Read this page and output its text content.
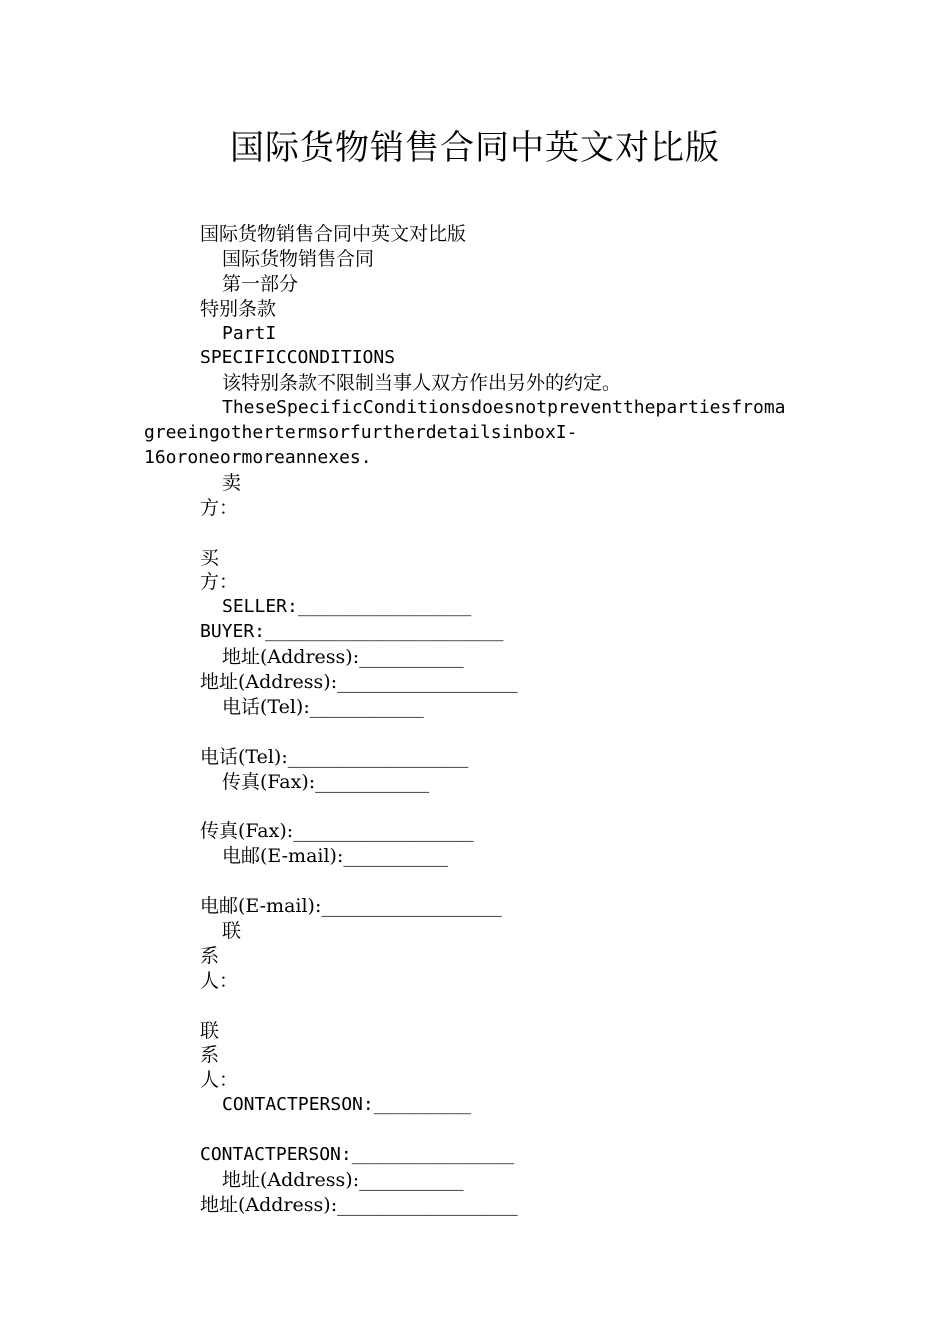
国际货物销售合同中英文对比版
国际货物销售合同中英文对比版
国际货物销售合同
第一部分
特别条款
PartI
SPECIFICCONDITIONS
该特别条款不限制当事人双方作出另外的约定。
TheseSpecificConditionsdoesnotpreventthepartiesfroma
greeingothertermsorfurtherdetailsinboxI-
16oroneormoreannexes.
卖
方：
买
方：
SELLER:________________
BUYER:______________________
地址(Address):___________
地址(Address):___________________
电话(Tel):____________
电话(Tel):___________________
传真(Fax):____________
传真(Fax):___________________
电邮(E-mail):___________
电邮(E-mail):___________________
联
系
人：
联
系
人：
CONTACTPERSON:_________
CONTACTPERSON:_______________
地址(Address):___________
地址(Address):___________________
